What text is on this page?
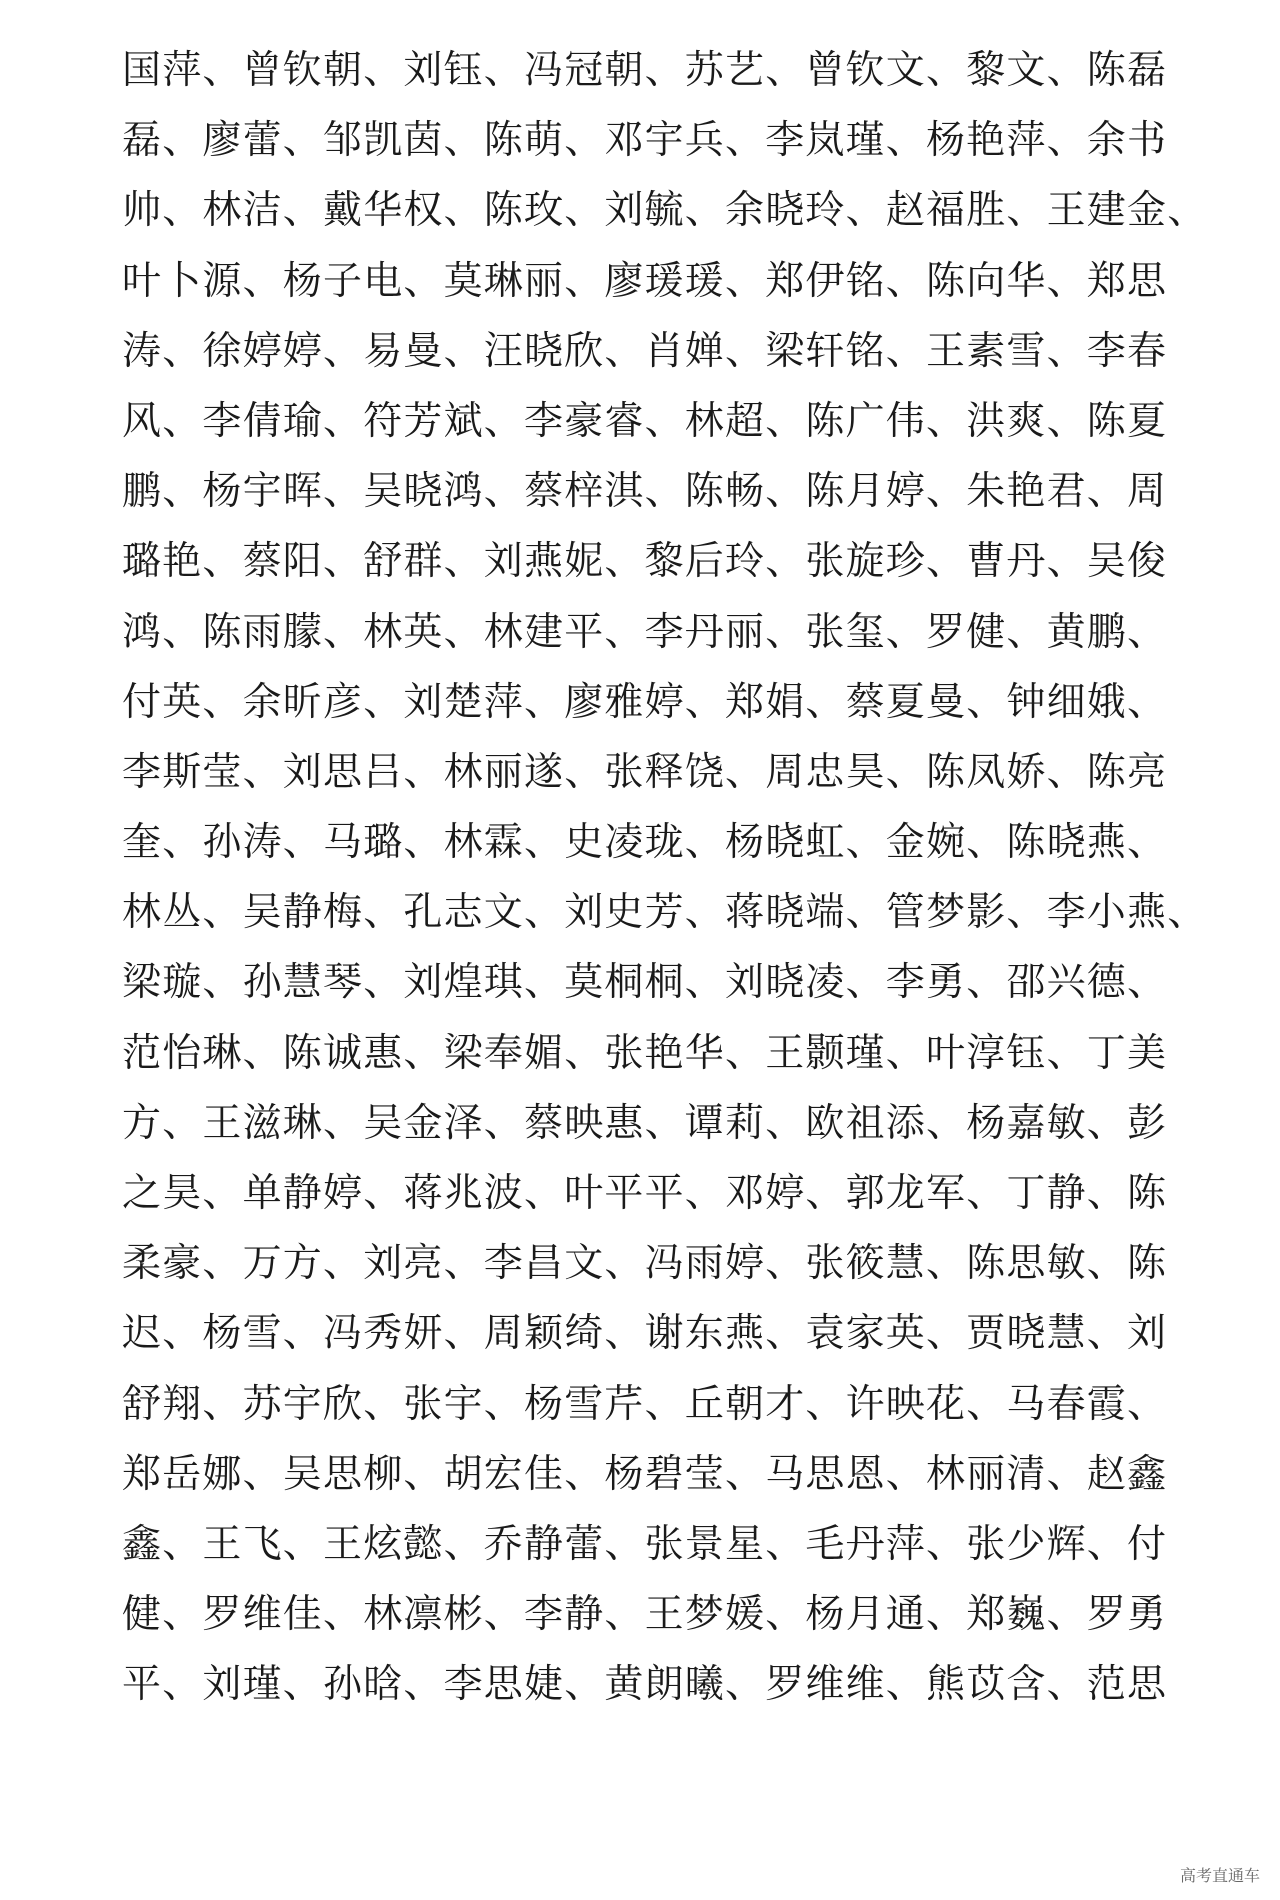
国萍、曾钦朝、刘钰、冯冠朝、苏艺、曾钦文、黎文、陈磊
磊、廖蕾、邹凯茵、陈萌、邓宇兵、李岚瑾、杨艳萍、余书
帅、林洁、戴华权、陈玫、刘毓、余晓玲、赵福胜、王建金、
叶卜源、杨子电、莫琳丽、廖瑗瑗、郑伊铭、陈向华、郑思
涛、徐婷婷、易曼、汪晓欣、肖婵、梁轩铭、王素雪、李春
风、李倩瑜、符芳斌、李豪睿、林超、陈广伟、洪爽、陈夏
鹏、杨宇晖、吴晓鸿、蔡梓淇、陈畅、陈月婷、朱艳君、周
璐艳、蔡阳、舒群、刘燕妮、黎后玲、张旋珍、曹丹、吴俊
鸿、陈雨朦、林英、林建平、李丹丽、张玺、罗健、黄鹏、
付英、余昕彦、刘楚萍、廖雅婷、郑娟、蔡夏曼、钟细娥、
李斯莹、刘思吕、林丽遂、张释饶、周忠昊、陈凤娇、陈亮
奎、孙涛、马璐、林霖、史凌珑、杨晓虹、金婉、陈晓燕、
林丛、吴静梅、孔志文、刘史芳、蒋晓端、管梦影、李小燕、
梁璇、孙慧琴、刘煌琪、莫桐桐、刘晓凌、李勇、邵兴德、
范怡琳、陈诚惠、梁奉媚、张艳华、王颢瑾、叶淳钰、丁美
方、王滋琳、吴金泽、蔡映惠、谭莉、欧祖添、杨嘉敏、彭
之昊、单静婷、蒋兆波、叶平平、邓婷、郭龙军、丁静、陈
柔豪、万方、刘亮、李昌文、冯雨婷、张筱慧、陈思敏、陈
迟、杨雪、冯秀妍、周颖绮、谢东燕、袁家英、贾晓慧、刘
舒翔、苏宇欣、张宇、杨雪芹、丘朝才、许映花、马春霞、
郑岳娜、吴思柳、胡宏佳、杨碧莹、马思恩、林丽清、赵鑫
鑫、王飞、王炫懿、乔静蕾、张景星、毛丹萍、张少辉、付
健、罗维佳、林凛彬、李静、王梦媛、杨月通、郑巍、罗勇
平、刘瑾、孙晗、李思婕、黄朗曦、罗维维、熊苡含、范思
高考直通车
